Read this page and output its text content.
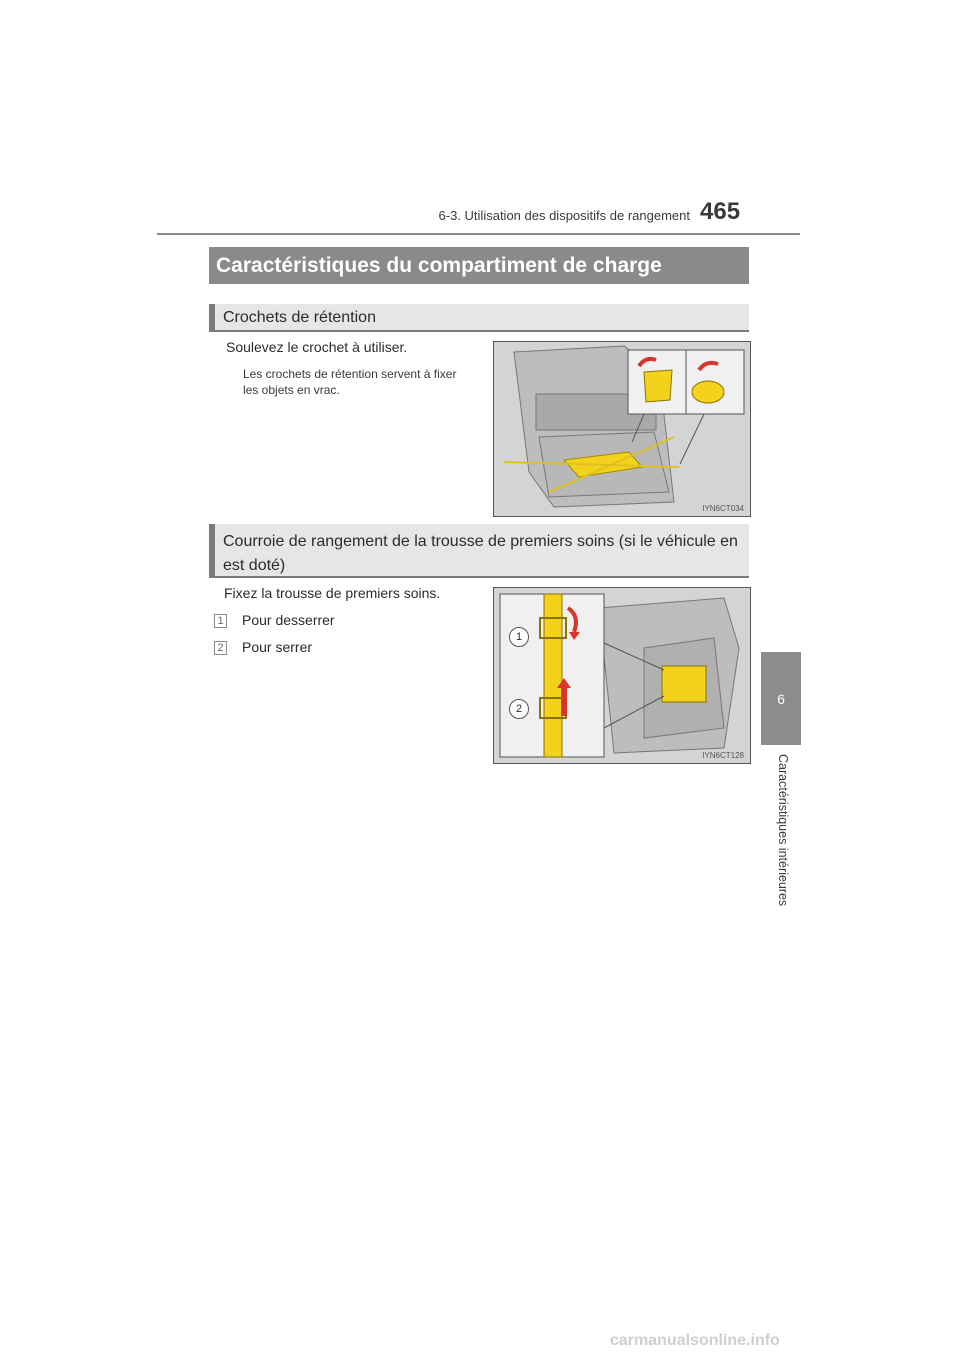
6-3. Utilisation des dispositifs de rangement 465
6
Caractéristiques intérieures
Caractéristiques du compartiment de charge
Crochets de rétention
Soulevez le crochet à utiliser.
Les crochets de rétention servent à fixer
les objets en vrac.
IYN6CT034
Courroie de rangement de la trousse de premiers soins (si le véhicule en est doté)
Fixez la trousse de premiers soins.
1 Pour desserrer
2 Pour serrer
1
2
IYN6CT128
carmanualsonline.info
